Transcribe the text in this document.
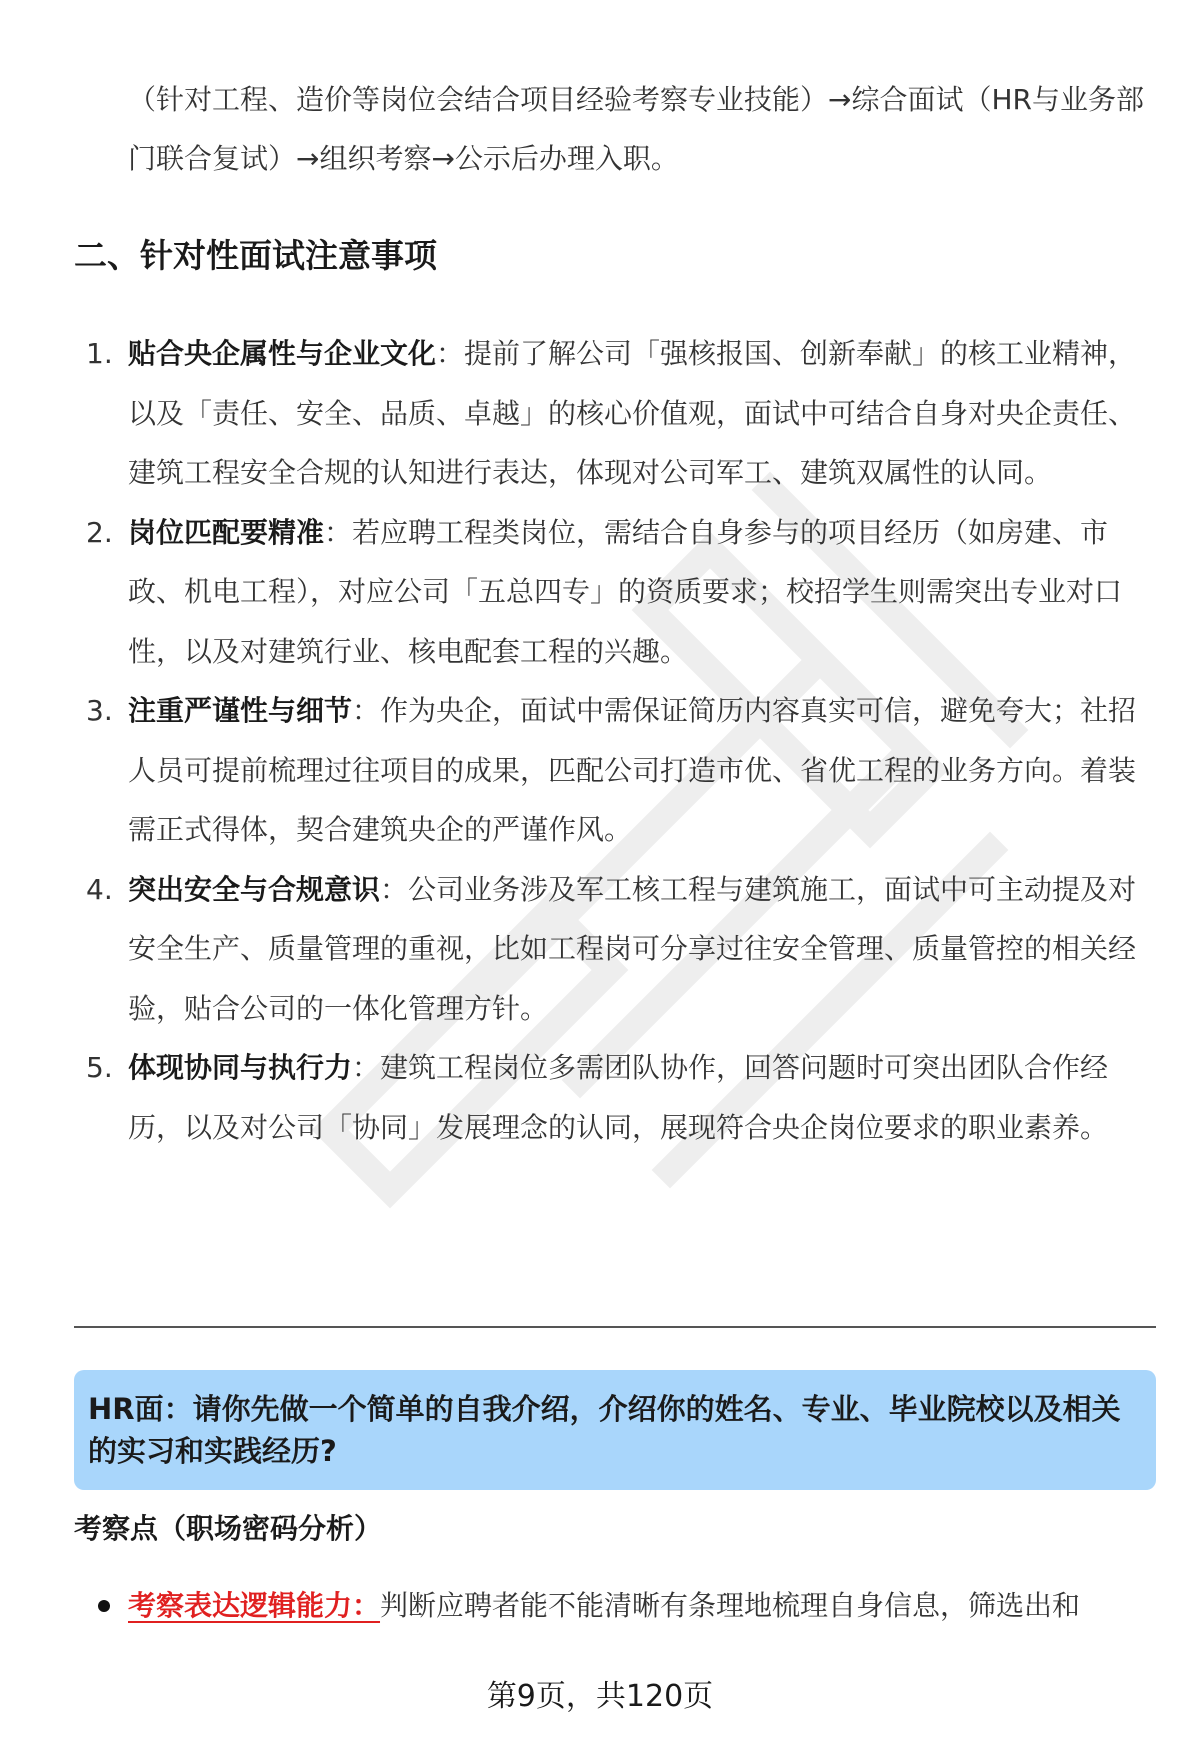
（针对工程、造价等岗位会结合项目经验考察专业技能）→综合面试（HR与业务部门联合复试）→组织考察→公示后办理入职。

二、针对性面试注意事项
1. 贴合央企属性与企业文化：提前了解公司「强核报国、创新奉献」的核工业精神，以及「责任、安全、品质、卓越」的核心价值观，面试中可结合自身对央企责任、建筑工程安全合规的认知进行表达，体现对公司军工、建筑双属性的认同。
2. 岗位匹配要精准：若应聘工程类岗位，需结合自身参与的项目经历（如房建、市政、机电工程），对应公司「五总四专」的资质要求；校招学生则需突出专业对口性，以及对建筑行业、核电配套工程的兴趣。
3. 注重严谨性与细节：作为央企，面试中需保证简历内容真实可信，避免夸大；社招人员可提前梳理过往项目的成果，匹配公司打造市优、省优工程的业务方向。着装需正式得体，契合建筑央企的严谨作风。
4. 突出安全与合规意识：公司业务涉及军工核工程与建筑施工，面试中可主动提及对安全生产、质量管理的重视，比如工程岗可分享过往安全管理、质量管控的相关经验，贴合公司的一体化管理方针。
5. 体现协同与执行力：建筑工程岗位多需团队协作，回答问题时可突出团队合作经历，以及对公司「协同」发展理念的认同，展现符合央企岗位要求的职业素养。
HR面：请你先做一个简单的自我介绍，介绍你的姓名、专业、毕业院校以及相关的实习和实践经历?
考察点（职场密码分析）
考察表达逻辑能力：判断应聘者能不能清晰有条理地梳理自身信息，筛选出和
第9页，共120页
